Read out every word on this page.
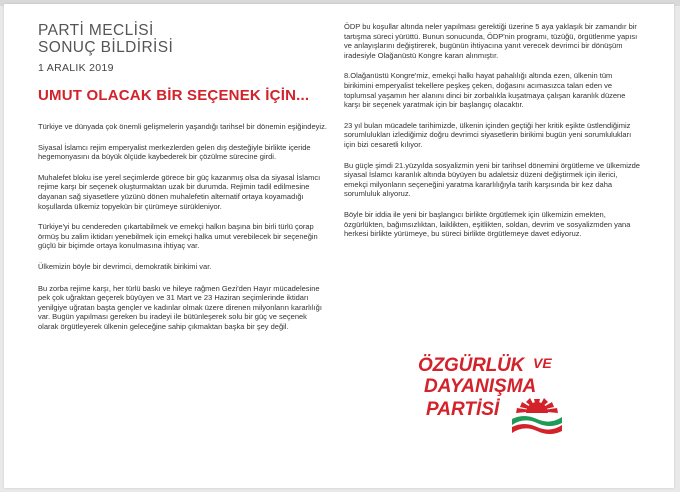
PARTİ MECLİSİ
SONUÇ BİLDİRİSİ
1 ARALIK 2019
UMUT OLACAK BİR SEÇENEK İÇİN...

Türkiye ve dünyada çok önemli gelişmelerin yaşandığı tarihsel bir dönemin eşiğindeyiz.

Siyasal İslamcı rejim emperyalist merkezlerden gelen dış desteğiyle birlikte içeride hegemonyasını da büyük ölçüde kaybederek bir çözülme sürecine girdi.

Muhalefet bloku ise yerel seçimlerde görece bir güç kazanmış olsa da siyasal İslamcı rejime karşı bir seçenek oluşturmaktan uzak bir durumda. Rejimin tadil edilmesine dayanan sağ siyasetlere yüzünü dönen muhalefetin alternatif ortaya koyamadığı koşullarda ülkemiz topyekün bir çürümeye sürükleniyor.

Türkiye'yi bu cendereden çıkartabilmek ve emekçi halkın başına bin birli türlü çorap örmüş bu zalim iktidarı yenebilmek için emekçi halka umut verebilecek bir seçeneğin güçlü bir biçimde ortaya konulmasına ihtiyaç var.

Ülkemizin böyle bir devrimci, demokratik birikimi var.

Bu zorba rejime karşı, her türlü baskı ve hileye rağmen Gezi'den Hayır mücadelesine pek çok uğraktan geçerek büyüyen ve 31 Mart ve 23 Haziran seçimlerinde iktidarı yenilgiye uğratan başta gençler ve kadınlar olmak üzere direnen milyonların kararlılığı var. Bugün yapılması gereken bu iradeyi ile bütünleşerek solu bir güç ve seçenek olarak örgütleyerek ülkenin geleceğine sahip çıkmaktan başka bir şey değil.

ÖDP bu koşullar altında neler yapılması gerektiği üzerine 5 aya yaklaşık bir zamandır bir tartışma süreci yürüttü. Bunun sonucunda, ÖDP'nin programı, tüzüğü, örgütlenme yapısı ve anlayışlarını değiştirerek, bugünün ihtiyacına yanıt verecek devrimci bir dönüşüm iradesiyle Olağanüstü Kongre kararı alınmıştır.

8.Olağanüstü Kongre'miz, emekçi halkı hayat pahalılığı altında ezen, ülkenin tüm birikimini emperyalist tekellere peşkeş çeken, doğasını acımasızca talan eden ve toplumsal yaşamın her alanını dinci bir zorbalıkla kuşatmaya çalışan karanlık düzene karşı bir seçenek yaratmak için bir başlangıç olacaktır.

23 yıl bulan mücadele tarihimizde, ülkenin içinden geçtiği her kritik eşikte üstlendiğimiz sorumlulukları izlediğimiz doğru devrimci siyasetlerin birikimi bugün yeni sorumlulukları için bizi cesaretli kılıyor.

Bu güçle şimdi 21.yüzyılda sosyalizmin yeni bir tarihsel dönemini örgütleme ve ülkemizde siyasal İslamcı karanlık altında büyüyen bu adaletsiz düzeni değiştirmek için ilerici, emekçi milyonların seçeneğini yaratma kararlılığıyla tarih karşısında bir kez daha sorumluluk alıyoruz.

Böyle bir iddia ile yeni bir başlangıcı birlikte örgütlemek için ülkemizin emekten, özgürlükten, bağımsızlıktan, laiklikten, eşitlikten, soldan, devrim ve sosyalizmden yana herkesi birlikte yürümeye, bu süreci birlikte örgütlemeye davet ediyoruz.

ÖZGÜRLÜK VE
DAYANIŞMA
PARTİSİ
